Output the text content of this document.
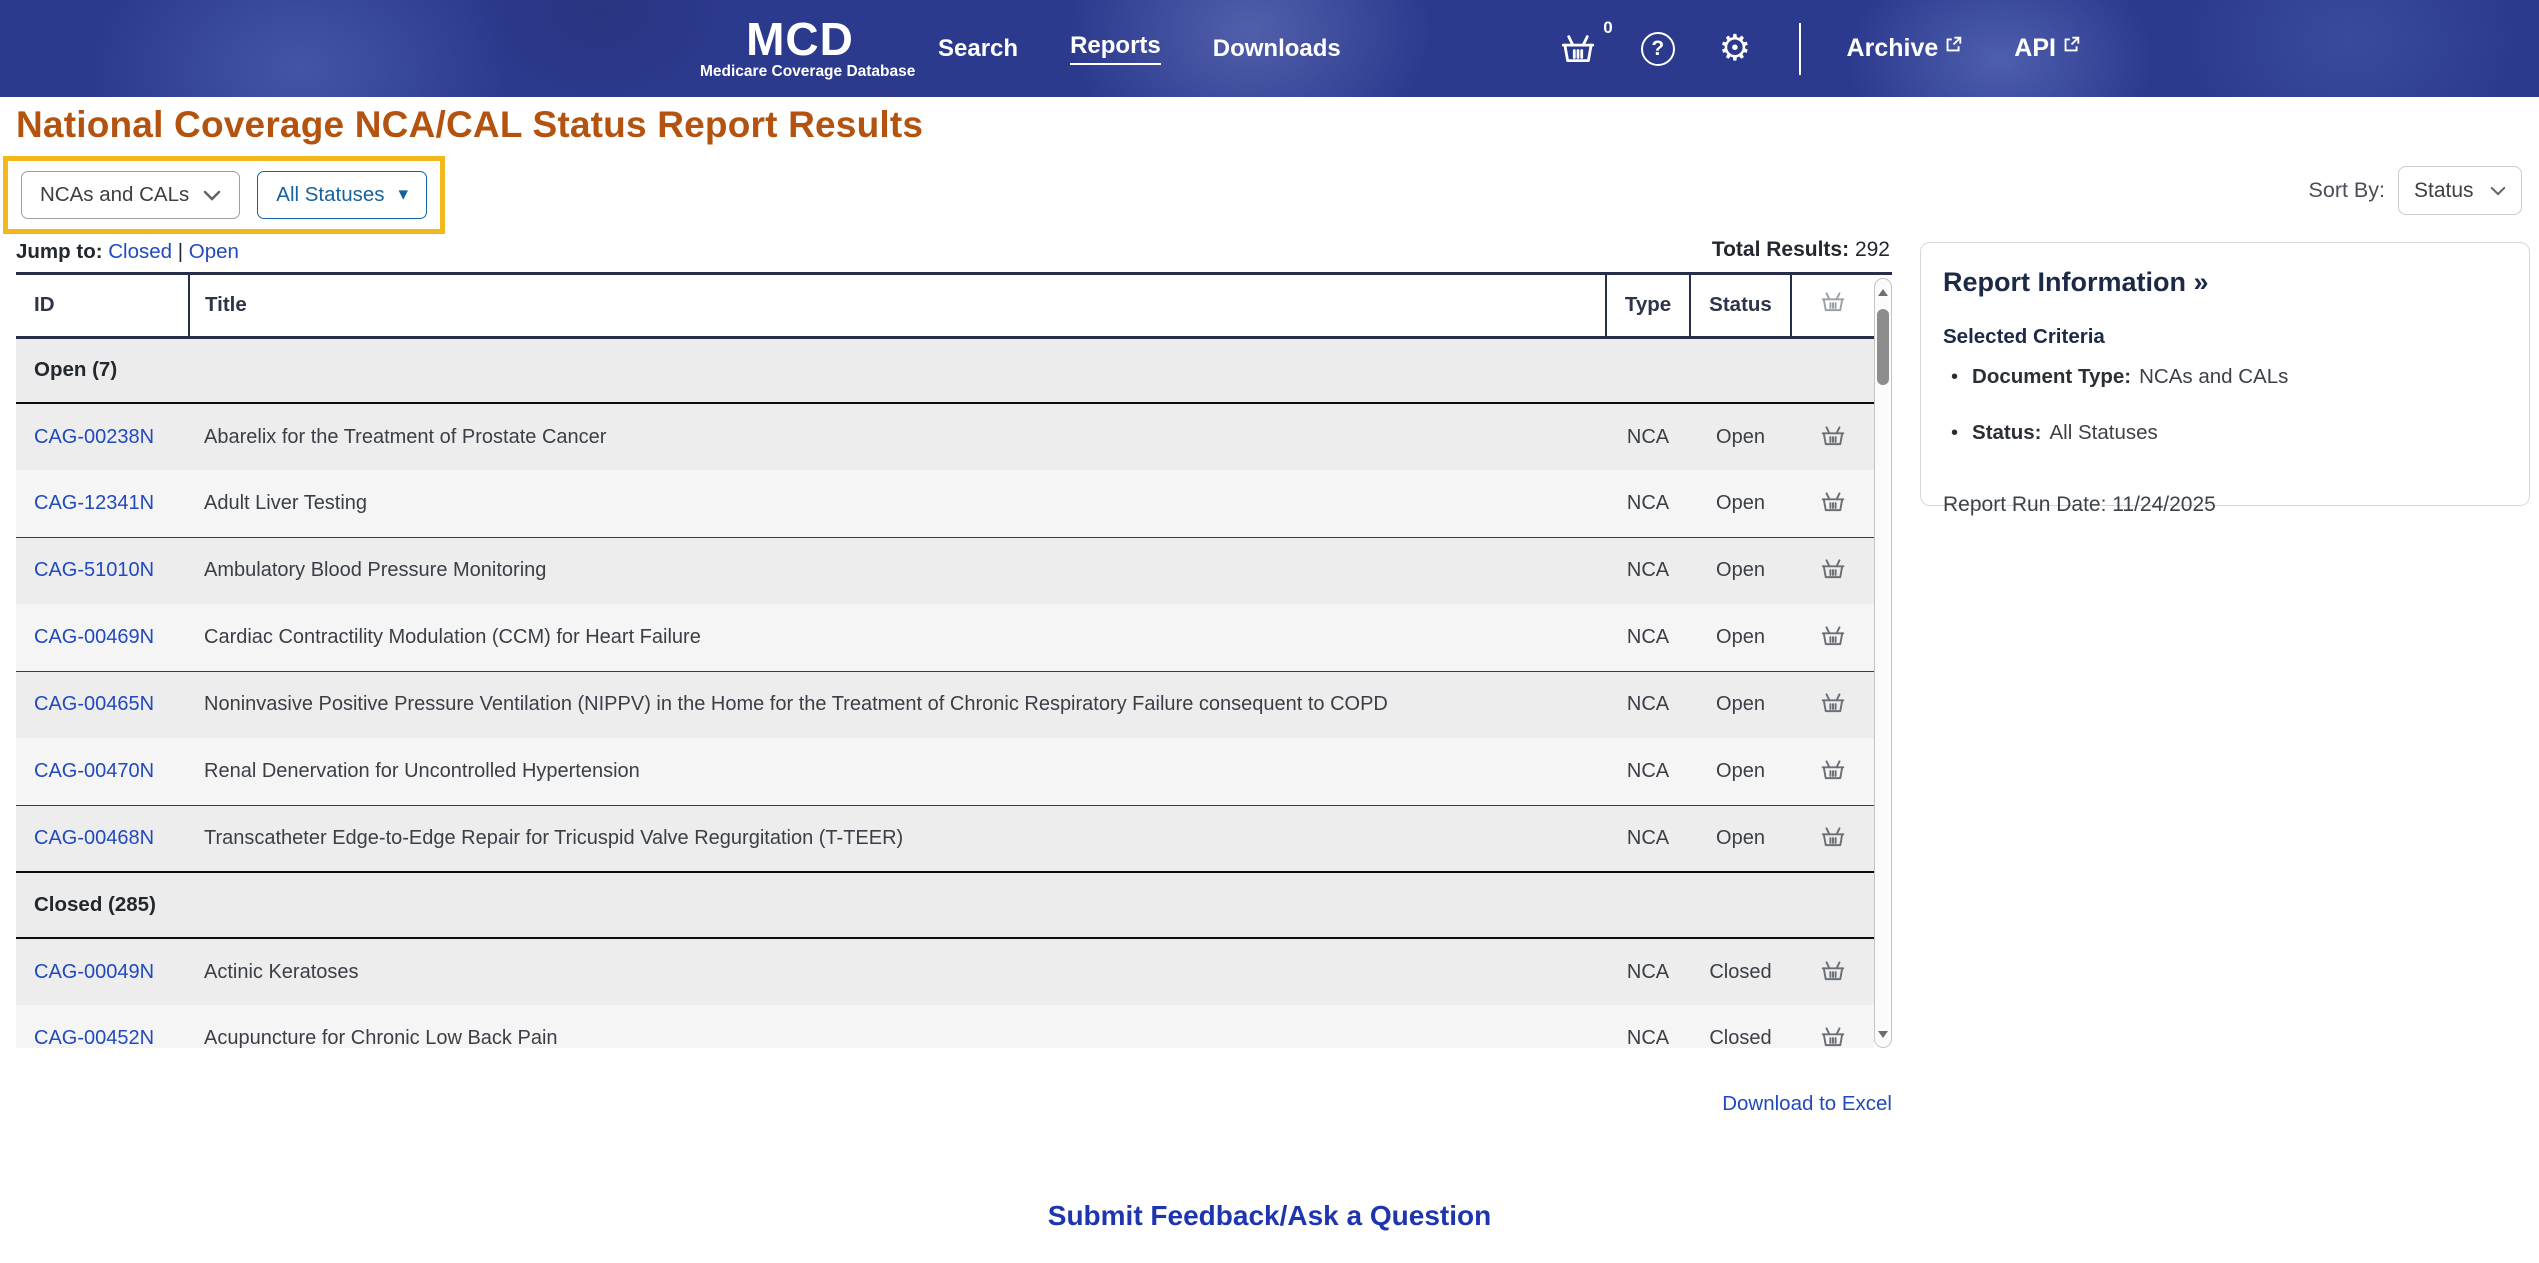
MCD
Medicare Coverage Database
Search Reports Downloads
0
? ⚙	Archive	API
National Coverage NCA/CAL Status Report Results
NCAs and CALs	All Statuses ▾	Sort By: Status
Jump to: Closed | Open	Total Results: 292
ID	Title	Type	Status	

Open (7)				
CAG-00238N	Abarelix for the Treatment of Prostate Cancer	NCA	Open	
CAG-12341N	Adult Liver Testing	NCA	Open	
CAG-51010N	Ambulatory Blood Pressure Monitoring	NCA	Open	
CAG-00469N	Cardiac Contractility Modulation (CCM) for Heart Failure	NCA	Open	
CAG-00465N	Noninvasive Positive Pressure Ventilation (NIPPV) in the Home for the Treatment of Chronic Respiratory Failure consequent to COPD	NCA	Open	
CAG-00470N	Renal Denervation for Uncontrolled Hypertension	NCA	Open	
CAG-00468N	Transcatheter Edge-to-Edge Repair for Tricuspid Valve Regurgitation (T-TEER)	NCA	Open	
Closed (285)				
CAG-00049N	Actinic Keratoses	NCA	Closed	
CAG-00452N	Acupuncture for Chronic Low Back Pain	NCA	Closed	
Report Information »
Selected Criteria
• Document Type: NCAs and CALs
• Status: All Statuses
Report Run Date: 11/24/2025
Download to Excel
Submit Feedback/Ask a Question
